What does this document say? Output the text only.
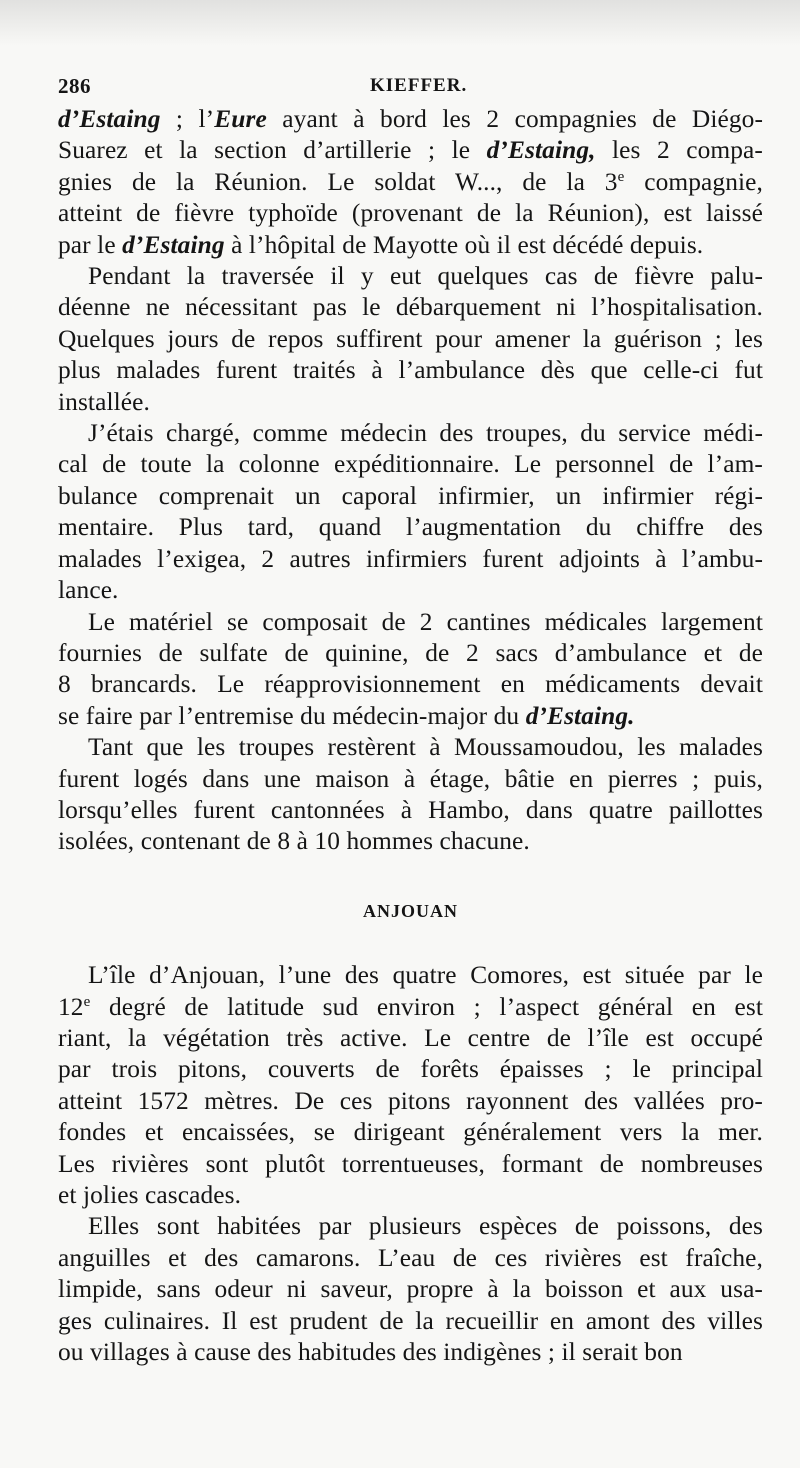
286	KIEFFER.
d’Estaing ; l’Eure ayant à bord les 2 compagnies de Diégo-
Suarez et la section d’artillerie ; le d’Estaing, les 2 compa-
gnies de la Réunion. Le soldat W..., de la 3e compagnie,
atteint de fièvre typhoïde (provenant de la Réunion), est laissé
par le d’Estaing à l’hôpital de Mayotte où il est décédé depuis.
Pendant la traversée il y eut quelques cas de fièvre palu-
déenne ne nécessitant pas le débarquement ni l’hospitalisation.
Quelques jours de repos suffirent pour amener la guérison ; les
plus malades furent traités à l’ambulance dès que celle-ci fut
installée.
J’étais chargé, comme médecin des troupes, du service médi-
cal de toute la colonne expéditionnaire. Le personnel de l’am-
bulance comprenait un caporal infirmier, un infirmier régi-
mentaire. Plus tard, quand l’augmentation du chiffre des
malades l’exigea, 2 autres infirmiers furent adjoints à l’ambu-
lance.
Le matériel se composait de 2 cantines médicales largement
fournies de sulfate de quinine, de 2 sacs d’ambulance et de
8 brancards. Le réapprovisionnement en médicaments devait
se faire par l’entremise du médecin-major du d’Estaing.
Tant que les troupes restèrent à Moussamoudou, les malades
furent logés dans une maison à étage, bâtie en pierres ; puis,
lorsqu’elles furent cantonnées à Hambo, dans quatre paillottes
isolées, contenant de 8 à 10 hommes chacune.
ANJOUAN
L’île d’Anjouan, l’une des quatre Comores, est située par le
12e degré de latitude sud environ ; l’aspect général en est
riant, la végétation très active. Le centre de l’île est occupé
par trois pitons, couverts de forêts épaisses ; le principal
atteint 1572 mètres. De ces pitons rayonnent des vallées pro-
fondes et encaissées, se dirigeant généralement vers la mer.
Les rivières sont plutôt torrentueuses, formant de nombreuses
et jolies cascades.
Elles sont habitées par plusieurs espèces de poissons, des
anguilles et des camarons. L’eau de ces rivières est fraîche,
limpide, sans odeur ni saveur, propre à la boisson et aux usa-
ges culinaires. Il est prudent de la recueillir en amont des villes
ou villages à cause des habitudes des indigènes ; il serait bon
